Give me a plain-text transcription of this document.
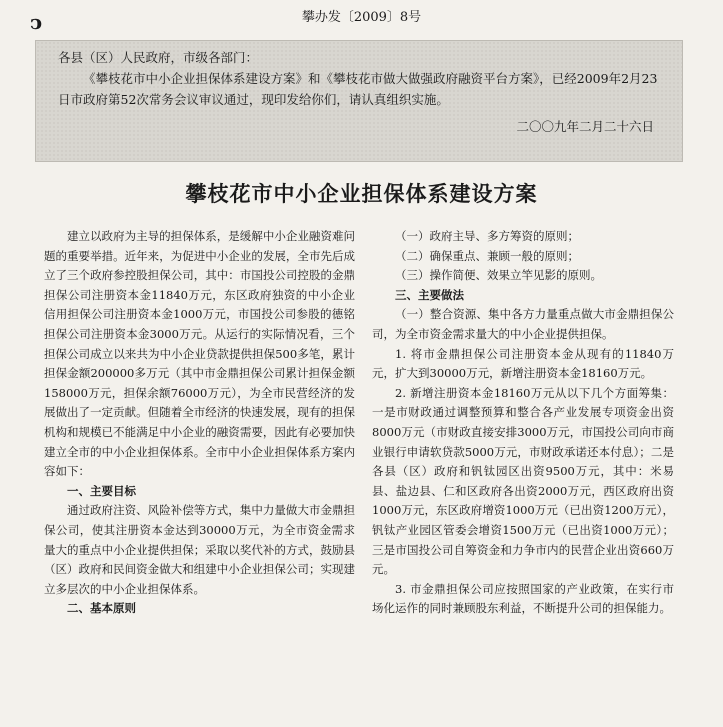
ↄ	攀办发〔2009〕8号

各县（区）人民政府，市级各部门：

《攀枝花市中小企业担保体系建设方案》和《攀枝花市做大做强政府融资平台方案》，已经2009年2月23日市政府第52次常务会议审议通过，现印发给你们，请认真组织实施。

二〇〇九年二月二十六日

攀枝花市中小企业担保体系建设方案

建立以政府为主导的担保体系，是缓解中小企业融资难问题的重要举措。近年来，为促进中小企业的发展，全市先后成立了三个政府参控股担保公司，其中：市国投公司控股的金鼎担保公司注册资本金11840万元，东区政府独资的中小企业信用担保公司注册资本金1000万元，市国投公司参股的德铭担保公司注册资本金3000万元。从运行的实际情况看，三个担保公司成立以来共为中小企业贷款提供担保500多笔，累计担保金额200000多万元（其中市金鼎担保公司累计担保金额158000万元，担保余额76000万元），为全市民营经济的发展做出了一定贡献。但随着全市经济的快速发展，现有的担保机构和规模已不能满足中小企业的融资需要，因此有必要加快建立全市的中小企业担保体系。全市中小企业担保体系方案内容如下：

一、主要目标

通过政府注资、风险补偿等方式，集中力量做大市金鼎担保公司，使其注册资本金达到30000万元，为全市资金需求量大的重点中小企业提供担保；采取以奖代补的方式，鼓励县（区）政府和民间资金做大和组建中小企业担保公司；实现建立多层次的中小企业担保体系。

二、基本原则

（一）政府主导、多方筹资的原则；

（二）确保重点、兼顾一般的原则；

（三）操作简便、效果立竿见影的原则。

三、主要做法

（一）整合资源、集中各方力量重点做大市金鼎担保公司，为全市资金需求量大的中小企业提供担保。

1. 将市金鼎担保公司注册资本金从现有的11840万元，扩大到30000万元，新增注册资本金18160万元。

2. 新增注册资本金18160万元从以下几个方面筹集：一是市财政通过调整预算和整合各产业发展专项资金出资8000万元（市财政直接安排3000万元，市国投公司向市商业银行申请软贷款5000万元，市财政承诺还本付息）；二是各县（区）政府和钒钛园区出资9500万元，其中：米易县、盐边县、仁和区政府各出资2000万元，西区政府出资1000万元，东区政府增资1000万元（已出资1200万元），钒钛产业园区管委会增资1500万元（已出资1000万元）；三是市国投公司自筹资金和力争市内的民营企业出资660万元。

3. 市金鼎担保公司应按照国家的产业政策，在实行市场化运作的同时兼顾股东利益，不断提升公司的担保能力。
